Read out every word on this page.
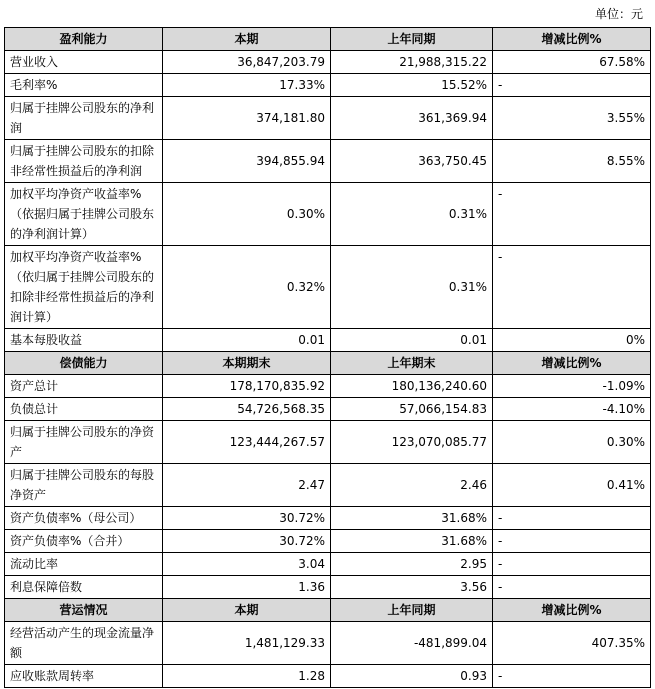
单位：元
盈利能力	本期	上年同期	增减比例%
营业收入	36,847,203.79	21,988,315.22	67.58%
毛利率%	17.33%	15.52%	-
归属于挂牌公司股东的净利润	374,181.80	361,369.94	3.55%
归属于挂牌公司股东的扣除非经常性损益后的净利润	394,855.94	363,750.45	8.55%
加权平均净资产收益率%（依据归属于挂牌公司股东的净利润计算）	0.30%	0.31%	-
加权平均净资产收益率%（依归属于挂牌公司股东的扣除非经常性损益后的净利润计算）	0.32%	0.31%	-
基本每股收益	0.01	0.01	0%
偿债能力	本期期末	上年期末	增减比例%
资产总计	178,170,835.92	180,136,240.60	-1.09%
负债总计	54,726,568.35	57,066,154.83	-4.10%
归属于挂牌公司股东的净资产	123,444,267.57	123,070,085.77	0.30%
归属于挂牌公司股东的每股净资产	2.47	2.46	0.41%
资产负债率%（母公司）	30.72%	31.68%	-
资产负债率%（合并）	30.72%	31.68%	-
流动比率	3.04	2.95	-
利息保障倍数	1.36	3.56	-
营运情况	本期	上年同期	增减比例%
经营活动产生的现金流量净额	1,481,129.33	-481,899.04	407.35%
应收账款周转率	1.28	0.93	-
